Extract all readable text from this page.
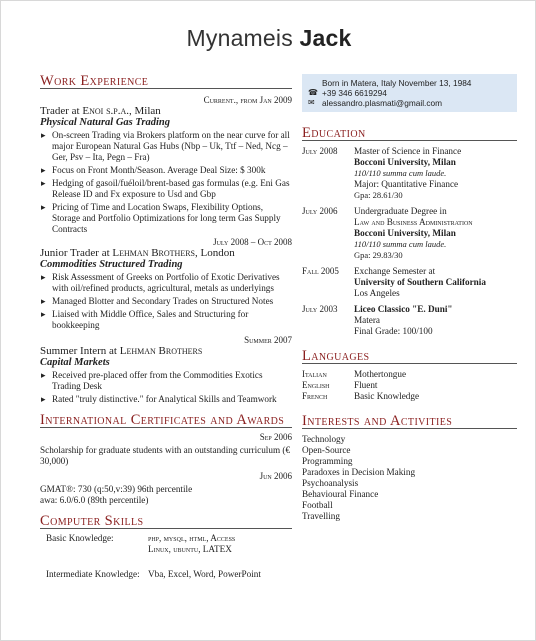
Mynameis Jack
Work Experience
Current., from Jan 2009
Trader at Enoi s.p.a., Milan
Physical Natural Gas Trading
▸ On-screen Trading via Brokers platform on the near curve for all major European Natural Gas Hubs (Nbp – Uk, Ttf – Ned, Ncg – Ger, Psv – Ita, Pegn – Fra)
▸ Focus on Front Month/Season. Average Deal Size: $ 300k
▸ Hedging of gasoil/fuéloil/brent-based gas formulas (e.g. Eni Gas Release ID and Fx exposure to Usd and Gbp
▸ Pricing of Time and Location Swaps, Flexibility Options, Storage and Portfolio Optimizations for long term Gas Supply Contracts
July 2008 – Oct 2008
Junior Trader at Lehman Brothers, London
Commodities Structured Trading
▸ Risk Assessment of Greeks on Portfolio of Exotic Derivatives with oil/refined products, agricultural, metals as underlyings
▸ Managed Blotter and Secondary Trades on Structured Notes
▸ Liaised with Middle Office, Sales and Structuring for bookkeeping
Summer 2007
Summer Intern at Lehman Brothers
Capital Markets
▸ Received pre-placed offer from the Commodities Exotics Trading Desk
▸ Rated "truly distinctive." for Analytical Skills and Teamwork
International Certificates and Awards
Sep 2006
Scholarship for graduate students with an outstanding curriculum (€ 30,000)
Jun 2006
GMAT®: 730 (q:50,v:39) 96th percentile
awa: 6.0/6.0 (89th percentile)
Computer Skills
Basic Knowledge:	php, mysql, html, Access
Linux, ubuntu, LATEX
Intermediate Knowledge: Vba, Excel, Word, PowerPoint
Born in Matera, Italy November 13, 1984
☎ +39 346 6619294
✉ alessandro.plasmati@gmail.com
Education
July 2008	Master of Science in Finance
Bocconi University, Milan
110/110 summa cum laude.
Major: Quantitative Finance
Gpa: 28.61/30
July 2006	Undergraduate Degree in
Law and Business Administration
Bocconi University, Milan
110/110 summa cum laude.
Gpa: 29.83/30
Fall 2005	Exchange Semester at
University of Southern California
Los Angeles
July 2003	Liceo Classico "E. Duni"
Matera
Final Grade: 100/100
Languages
Italian	Mothertongue
English	Fluent
French	Basic Knowledge
Interests and Activities
Technology
Open-Source
Programming
Paradoxes in Decision Making
Psychoanalysis
Behavioural Finance
Football
Travelling
